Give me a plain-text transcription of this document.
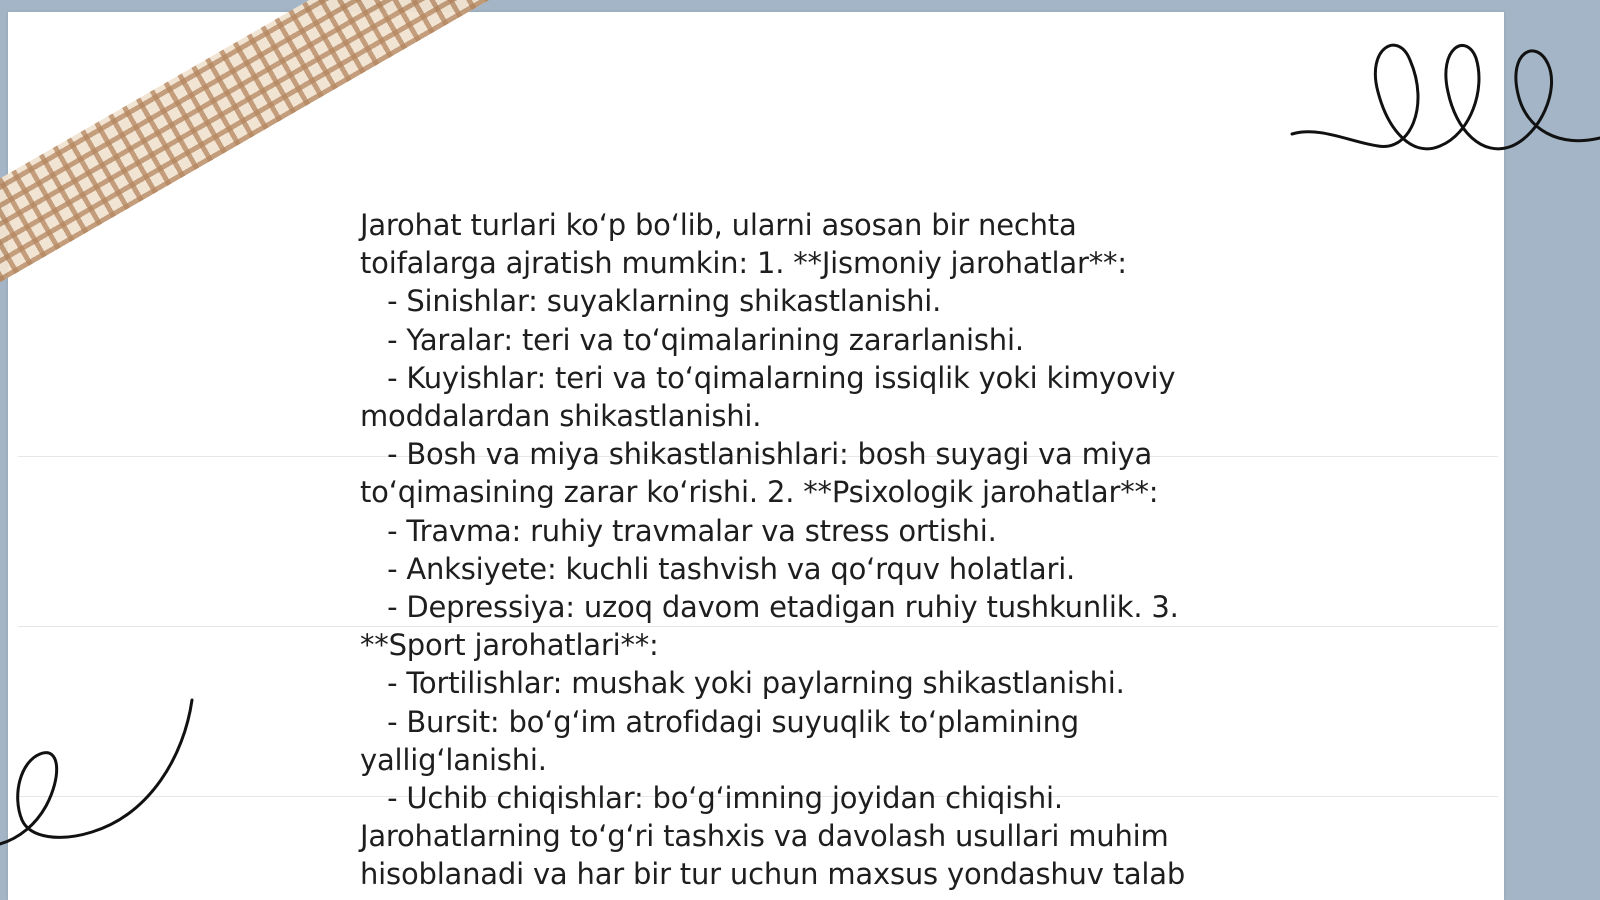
Jarohat turlari koʻp boʻlib, ularni asosan bir nechta

toifalarga ajratish mumkin: 1. **Jismoniy jarohatlar**:

- Sinishlar: suyaklarning shikastlanishi.

- Yaralar: teri va toʻqimalarining zararlanishi.

- Kuyishlar: teri va toʻqimalarning issiqlik yoki kimyoviy

moddalardan shikastlanishi.

- Bosh va miya shikastlanishlari: bosh suyagi va miya

toʻqimasining zarar koʻrishi. 2. **Psixologik jarohatlar**:

- Travma: ruhiy travmalar va stress ortishi.

- Anksiyete: kuchli tashvish va qoʻrquv holatlari.

- Depressiya: uzoq davom etadigan ruhiy tushkunlik. 3.

**Sport jarohatlari**:

- Tortilishlar: mushak yoki paylarning shikastlanishi.

- Bursit: boʻgʻim atrofidagi suyuqlik toʻplamining

yalligʻlanishi.

- Uchib chiqishlar: boʻgʻimning joyidan chiqishi.

Jarohatlarning toʻgʻri tashxis va davolash usullari muhim

hisoblanadi va har bir tur uchun maxsus yondashuv talab
